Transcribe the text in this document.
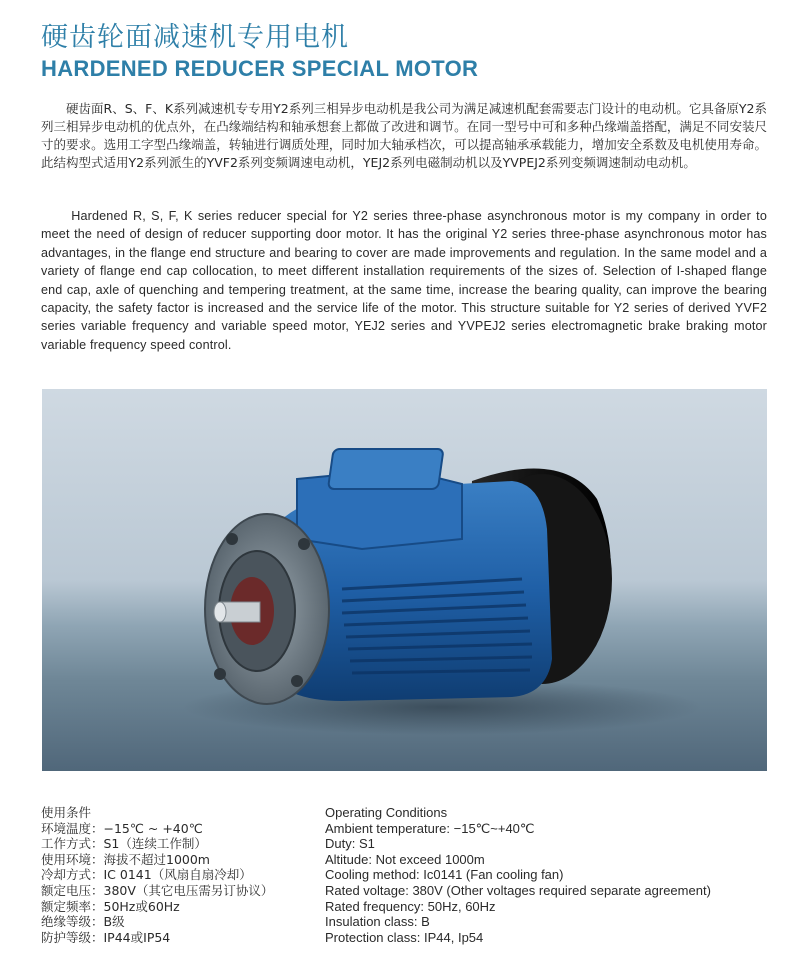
硬齿轮面减速机专用电机
HARDENED REDUCER SPECIAL MOTOR

硬齿面R、S、F、K系列减速机专专用Y2系列三相异步电动机是我公司为满足减速机配套需要志门设计的电动机。它具备原Y2系列三相异步电动机的优点外，在凸缘端结构和轴承想套上都做了改进和调节。在同一型号中可和多种凸缘端盖搭配，满足不同安装尺寸的要求。选用工字型凸缘端盖，转轴进行调质处理，同时加大轴承档次，可以提高轴承承载能力，增加安全系数及电机使用寿命。此结构型式适用Y2系列派生的YVF2系列变频调速电动机，YEJ2系列电磁制动机以及YVPEJ2系列变频调速制动电动机。

Hardened R, S, F, K series reducer special for Y2 series three-phase asynchronous motor is my company in order to meet the need of design of reducer supporting door motor. It has the original Y2 series three-phase asynchronous motor has advantages, in the flange end structure and bearing to cover are made improvements and regulation. In the same model and a variety of flange end cap collocation, to meet different installation requirements of the sizes of. Selection of I-shaped flange end cap, axle of quenching and tempering treatment, at the same time, increase the bearing quality, can improve the bearing capacity, the safety factor is increased and the service life of the motor. This structure suitable for Y2 series of derived YVF2 series variable frequency and variable speed motor, YEJ2 series and YVPEJ2 series electromagnetic brake braking motor variable frequency speed control.

使用条件
环境温度：−15℃ ~ +40℃
工作方式：S1（连续工作制）
使用环境：海拔不超过1000m
冷却方式：IC 0141（风扇自扇冷却）
额定电压：380V（其它电压需另订协议）
额定频率：50Hz或60Hz
绝缘等级：B级
防护等级：IP44或IP54
Operating Conditions
Ambient temperature: −15℃~+40℃
Duty: S1
Altitude: Not exceed 1000m
Cooling method: Ic0141 (Fan cooling fan)
Rated voltage: 380V (Other voltages required separate agreement)
Rated frequency: 50Hz, 60Hz
Insulation class: B
Protection class: IP44, Ip54
